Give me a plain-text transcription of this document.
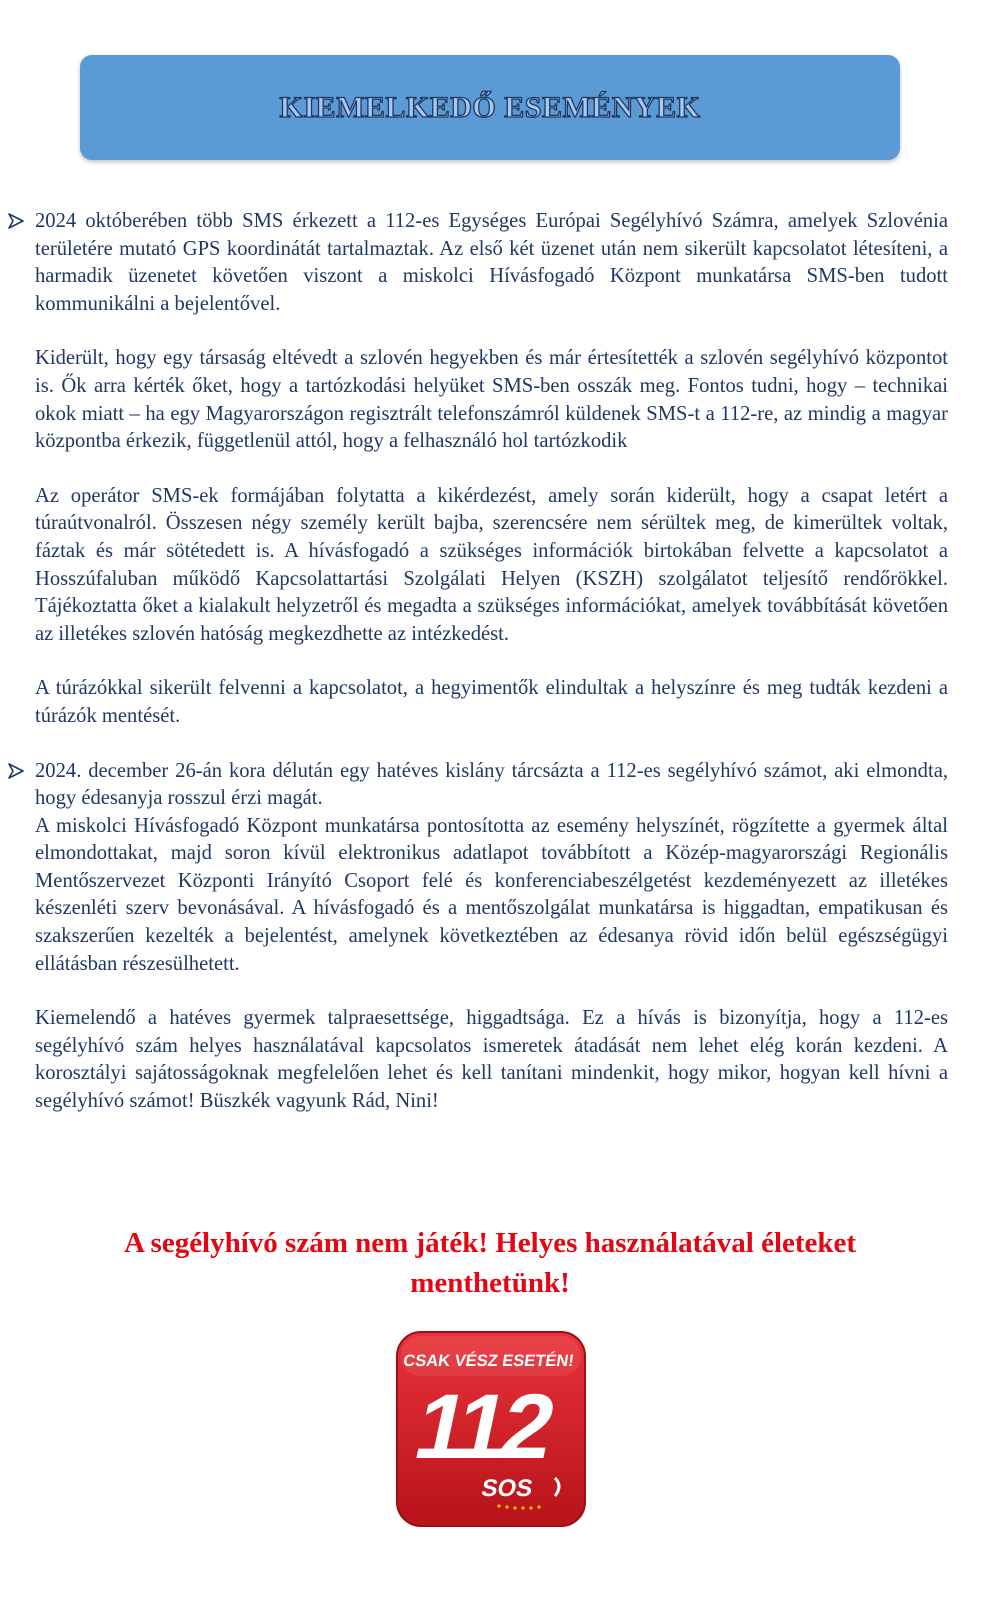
KIEMELKEDŐ ESEMÉNYEK

2024 októberében több SMS érkezett a 112-es Egységes Európai Segélyhívó Számra, amelyek Szlovénia területére mutató GPS koordinátát tartalmaztak. Az első két üzenet után nem sikerült kapcsolatot létesíteni, a harmadik üzenetet követően viszont a miskolci Hívásfogadó Központ munkatársa SMS-ben tudott kommunikálni a bejelentővel.

Kiderült, hogy egy társaság eltévedt a szlovén hegyekben és már értesítették a szlovén segélyhívó központot is. Ők arra kérték őket, hogy a tartózkodási helyüket SMS-ben osszák meg. Fontos tudni, hogy – technikai okok miatt – ha egy Magyarországon regisztrált telefonszámról küldenek SMS-t a 112-re, az mindig a magyar központba érkezik, függetlenül attól, hogy a felhasználó hol tartózkodik

Az operátor SMS-ek formájában folytatta a kikérdezést, amely során kiderült, hogy a csapat letért a túraútvonalról. Összesen négy személy került bajba, szerencsére nem sérültek meg, de kimerültek voltak, fáztak és már sötétedett is. A hívásfogadó a szükséges információk birtokában felvette a kapcsolatot a Hosszúfaluban működő Kapcsolattartási Szolgálati Helyen (KSZH) szolgálatot teljesítő rendőrökkel. Tájékoztatta őket a kialakult helyzetről és megadta a szükséges információkat, amelyek továbbítását követően az illetékes szlovén hatóság megkezdhette az intézkedést.

A túrázókkal sikerült felvenni a kapcsolatot, a hegyimentők elindultak a helyszínre és meg tudták kezdeni a túrázók mentését.

2024. december 26-án kora délután egy hatéves kislány tárcsázta a 112-es segélyhívó számot, aki elmondta, hogy édesanyja rosszul érzi magát.

A miskolci Hívásfogadó Központ munkatársa pontosította az esemény helyszínét, rögzítette a gyermek által elmondottakat, majd soron kívül elektronikus adatlapot továbbított a Közép-magyarországi Regionális Mentőszervezet Központi Irányító Csoport felé és konferenciabeszélgetést kezdeményezett az illetékes készenléti szerv bevonásával. A hívásfogadó és a mentőszolgálat munkatársa is higgadtan, empatikusan és szakszerűen kezelték a bejelentést, amelynek következtében az édesanya rövid időn belül egészségügyi ellátásban részesülhetett.

Kiemelendő a hatéves gyermek talpraesettsége, higgadtsága. Ez a hívás is bizonyítja, hogy a 112-es segélyhívó szám helyes használatával kapcsolatos ismeretek átadását nem lehet elég korán kezdeni. A korosztályi sajátosságoknak megfelelően lehet és kell tanítani mindenkit, hogy mikor, hogyan kell hívni a segélyhívó számot! Büszkék vagyunk Rád, Nini!

A segélyhívó szám nem játék! Helyes használatával életeket
menthetünk!
CSAK VÉSZ ESETÉN!
112
SOS
